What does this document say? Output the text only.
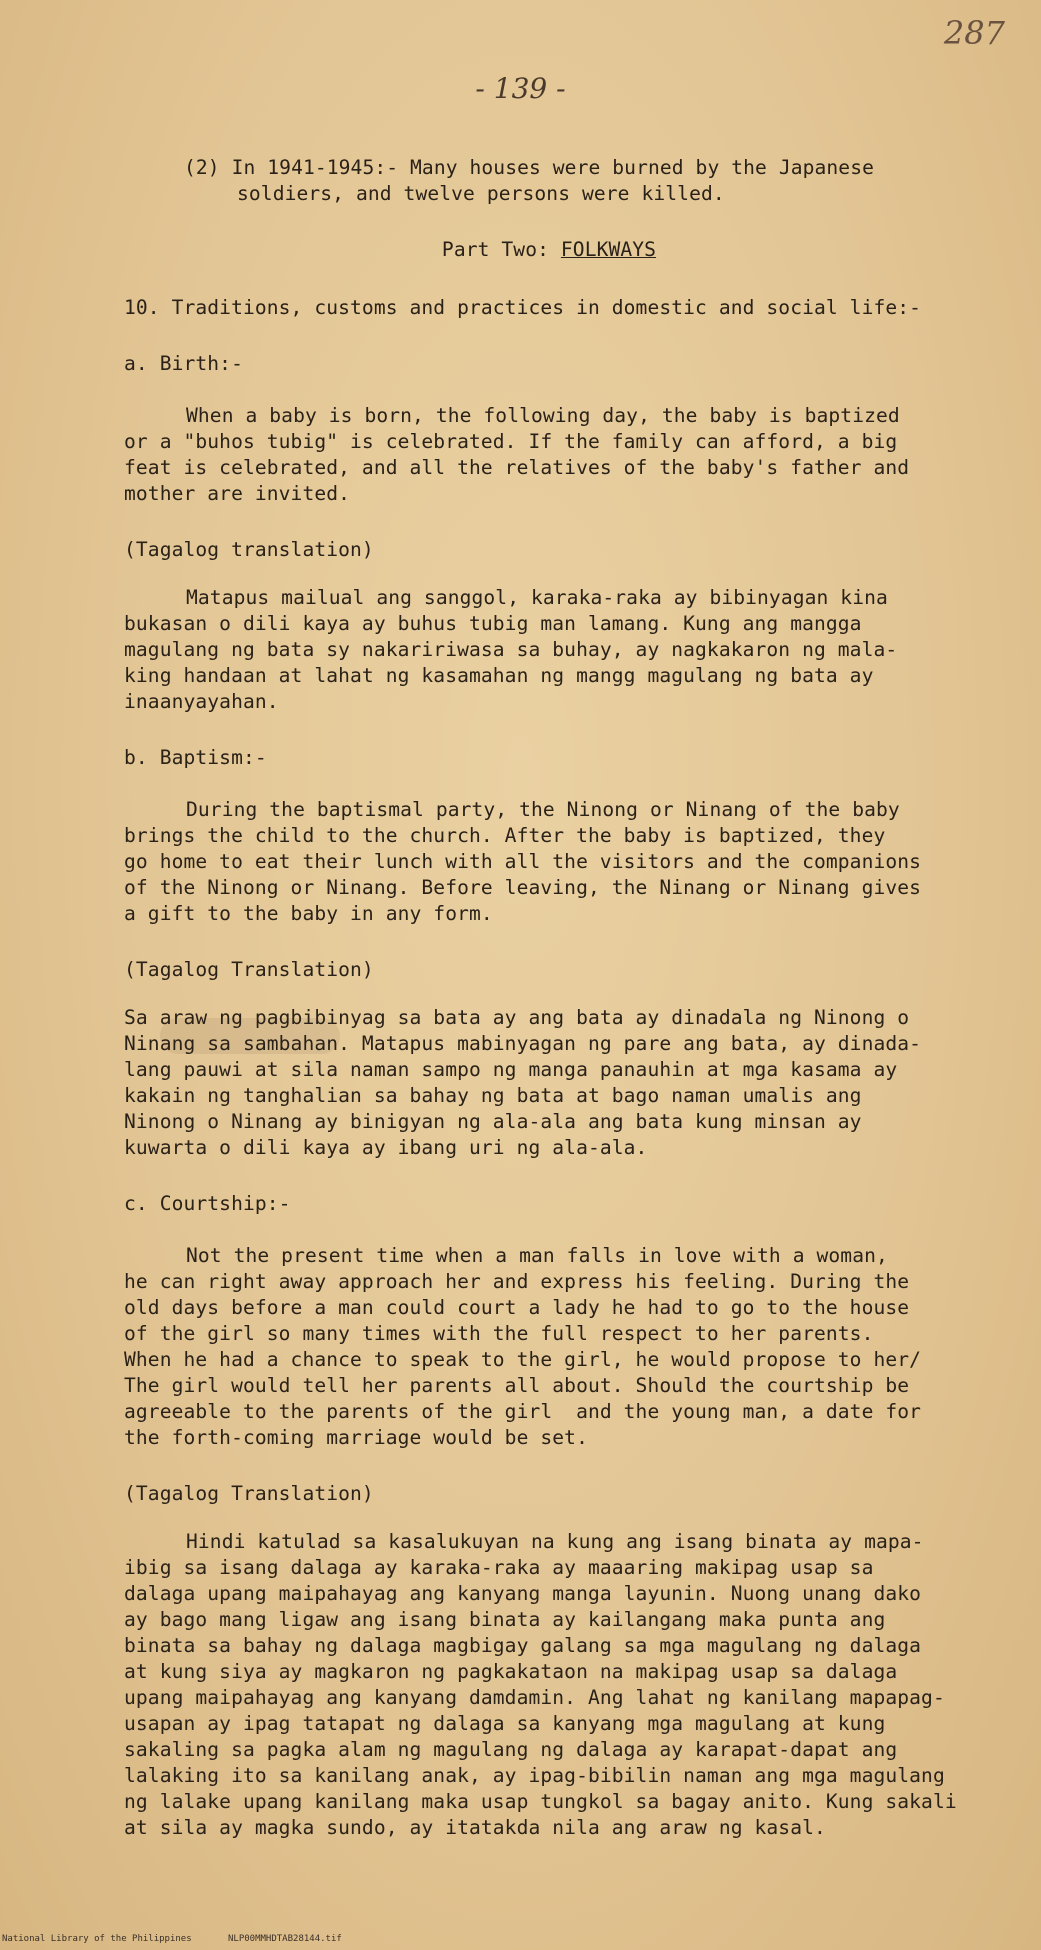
287
- 139 -
(2) In 1941-1945:- Many houses were burned by the Japanese
soldiers, and twelve persons were killed.
Part Two: FOLKWAYS
10. Traditions, customs and practices in domestic and social life:-
a. Birth:-
When a baby is born, the following day, the baby is baptized
or a "buhos tubig" is celebrated. If the family can afford, a big
feat is celebrated, and all the relatives of the baby's father and
mother are invited.
(Tagalog translation)
Matapus mailual ang sanggol, karaka-raka ay bibinyagan kina
bukasan o dili kaya ay buhus tubig man lamang. Kung ang mangga
magulang ng bata sy nakaririwasa sa buhay, ay nagkakaron ng mala-
king handaan at lahat ng kasamahan ng mangg magulang ng bata ay
inaanyayahan.
b. Baptism:-
During the baptismal party, the Ninong or Ninang of the baby
brings the child to the church. After the baby is baptized, they
go home to eat their lunch with all the visitors and the companions
of the Ninong or Ninang. Before leaving, the Ninang or Ninang gives
a gift to the baby in any form.
(Tagalog Translation)
Sa araw ng pagbibinyag sa bata ay ang bata ay dinadala ng Ninong o
Ninang sa sambahan. Matapus mabinyagan ng pare ang bata, ay dinada-
lang pauwi at sila naman sampo ng manga panauhin at mga kasama ay
kakain ng tanghalian sa bahay ng bata at bago naman umalis ang
Ninong o Ninang ay binigyan ng ala-ala ang bata kung minsan ay
kuwarta o dili kaya ay ibang uri ng ala-ala.
c. Courtship:-
Not the present time when a man falls in love with a woman,
he can right away approach her and express his feeling. During the
old days before a man could court a lady he had to go to the house
of the girl so many times with the full respect to her parents.
When he had a chance to speak to the girl, he would propose to her/
The girl would tell her parents all about. Should the courtship be
agreeable to the parents of the girl  and the young man, a date for
the forth-coming marriage would be set.
(Tagalog Translation)
Hindi katulad sa kasalukuyan na kung ang isang binata ay mapa-
ibig sa isang dalaga ay karaka-raka ay maaaring makipag usap sa
dalaga upang maipahayag ang kanyang manga layunin. Nuong unang dako
ay bago mang ligaw ang isang binata ay kailangang maka punta ang
binata sa bahay ng dalaga magbigay galang sa mga magulang ng dalaga
at kung siya ay magkaron ng pagkakataon na makipag usap sa dalaga
upang maipahayag ang kanyang damdamin. Ang lahat ng kanilang mapapag-
usapan ay ipag tatapat ng dalaga sa kanyang mga magulang at kung
sakaling sa pagka alam ng magulang ng dalaga ay karapat-dapat ang
lalaking ito sa kanilang anak, ay ipag-bibilin naman ang mga magulang
ng lalake upang kanilang maka usap tungkol sa bagay anito. Kung sakali
at sila ay magka sundo, ay itatakda nila ang araw ng kasal.
National Library of the Philippines	NLP00MMHDTAB28144.tif
